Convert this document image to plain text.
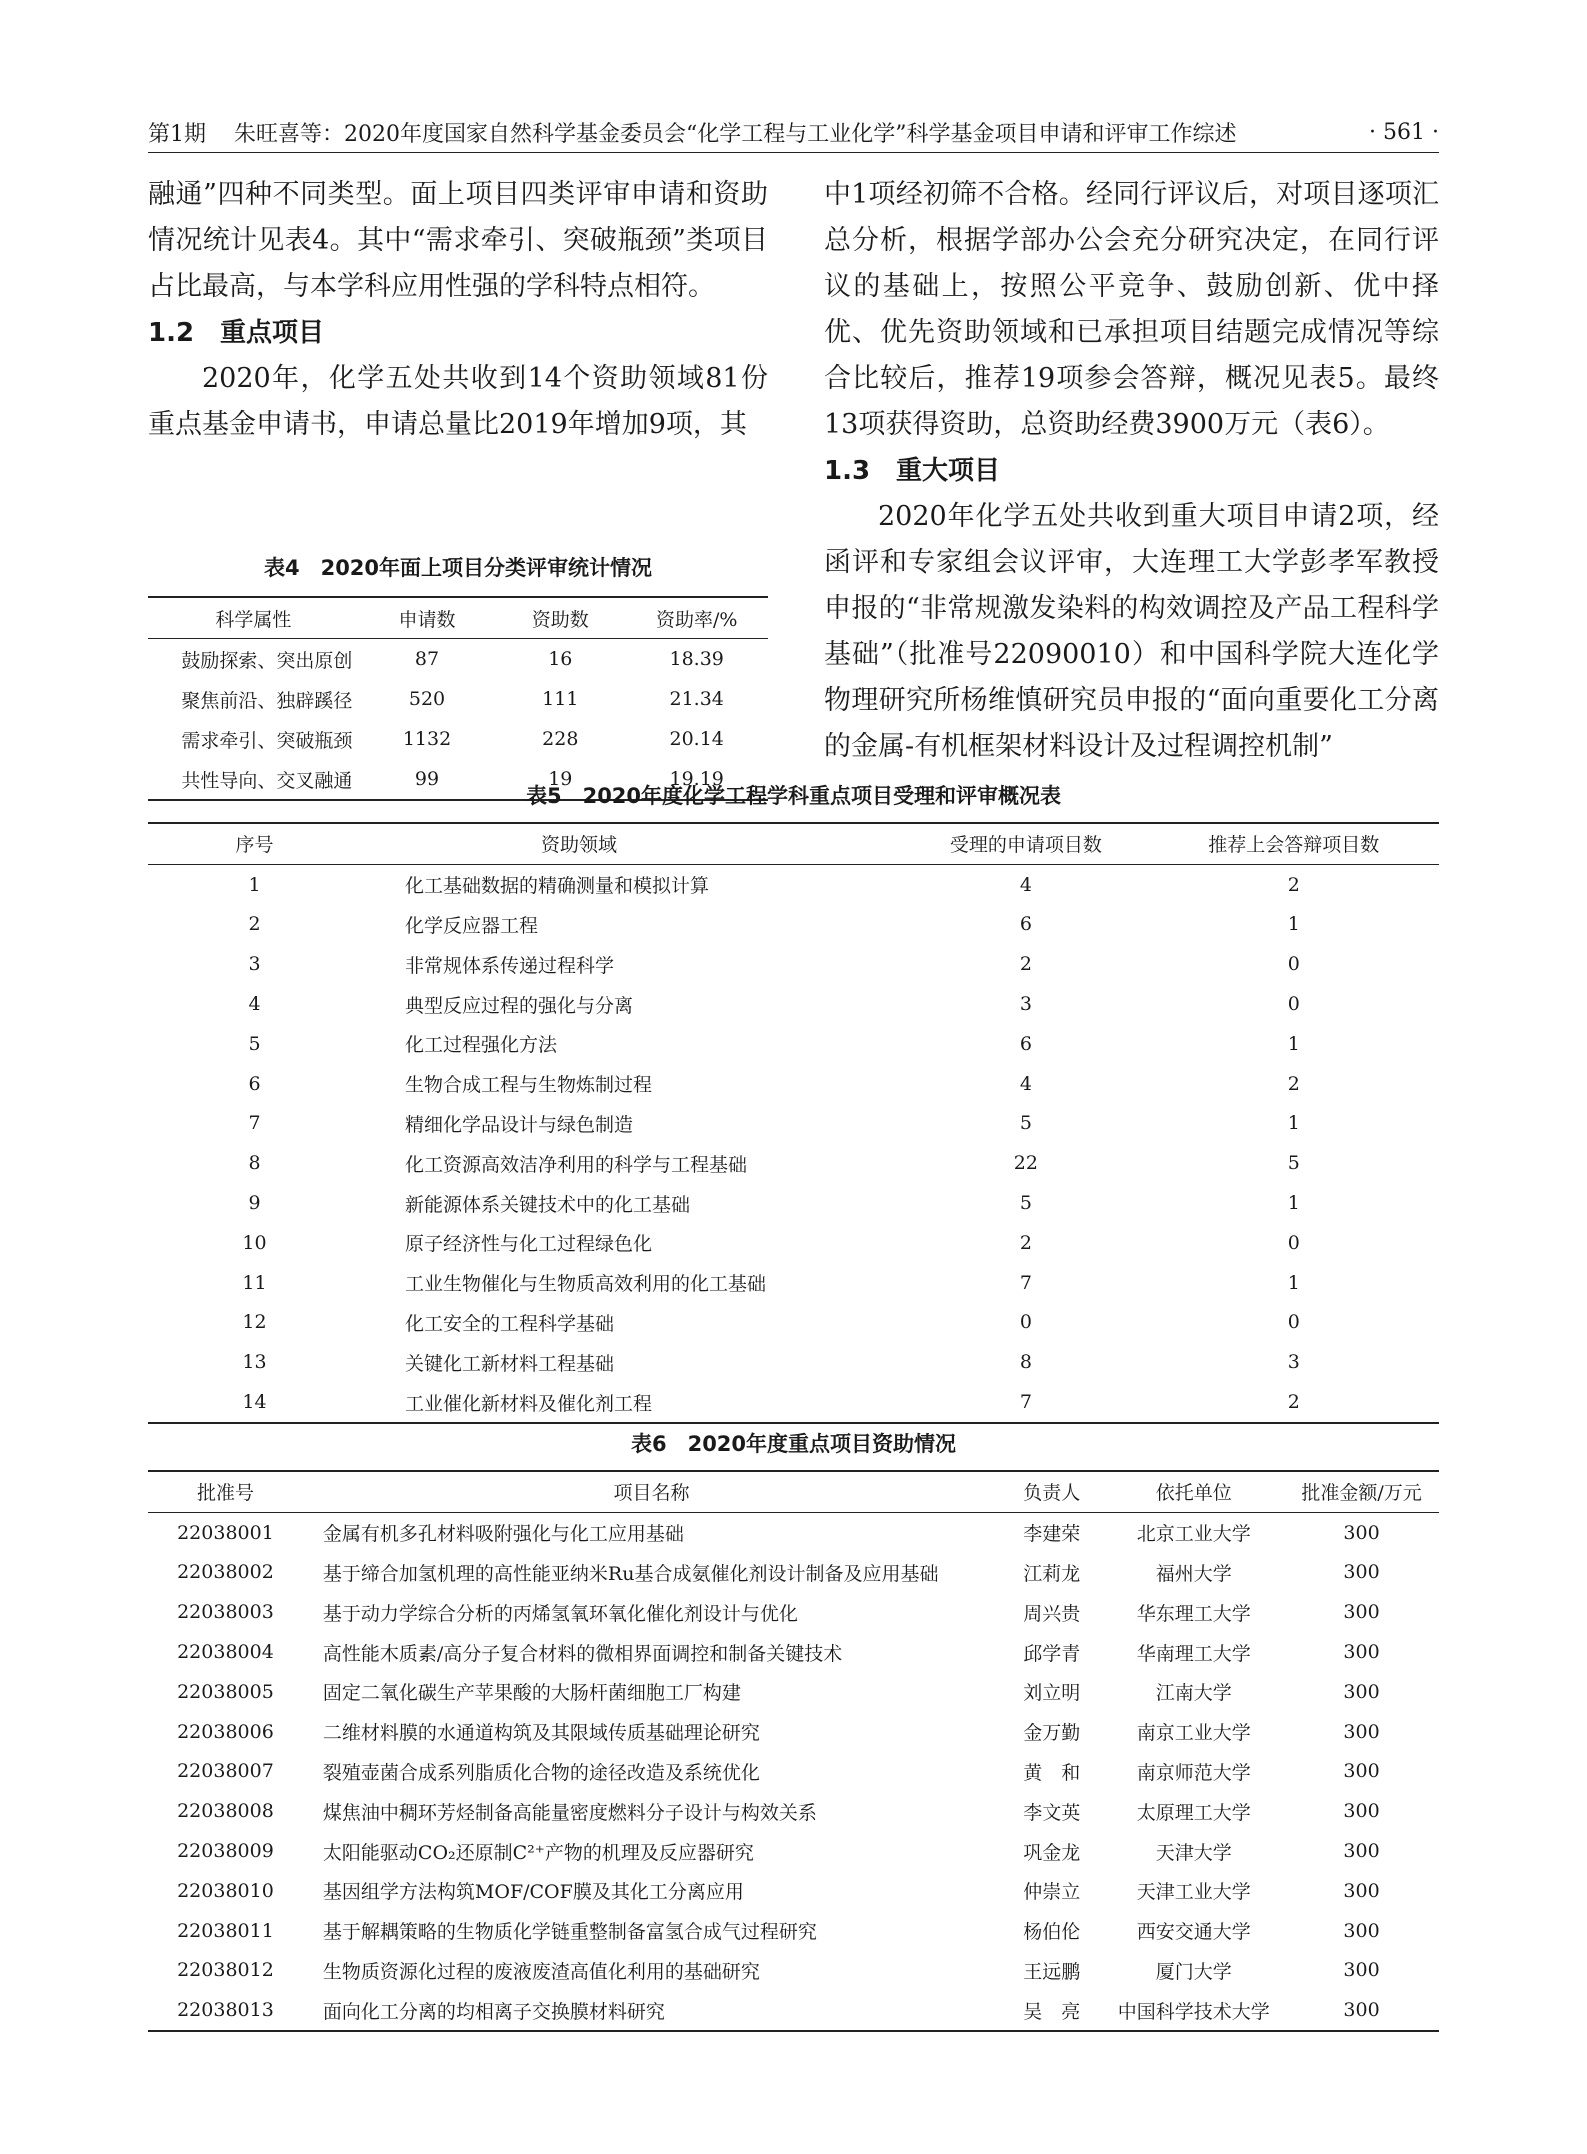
第1期 朱旺喜等：2020年度国家自然科学基金委员会“化学工程与工业化学”科学基金项目申请和评审工作综述	· 561 ·

融通”四种不同类型。面上项目四类评审申请和资助情况统计见表4。其中“需求牵引、突破瓶颈”类项目占比最高，与本学科应用性强的学科特点相符。

1.2　重点项目

2020年，化学五处共收到14个资助领域81份重点基金申请书，申请总量比2019年增加9项，其

中1项经初筛不合格。经同行评议后，对项目逐项汇总分析，根据学部办公会充分研究决定，在同行评议的基础上，按照公平竞争、鼓励创新、优中择优、优先资助领域和已承担项目结题完成情况等综合比较后，推荐19项参会答辩，概况见表5。最终13项获得资助，总资助经费3900万元（表6）。

1.3　重大项目

2020年化学五处共收到重大项目申请2项，经函评和专家组会议评审，大连理工大学彭孝军教授申报的“非常规激发染料的构效调控及产品工程科学基础”（批准号22090010）和中国科学院大连化学物理研究所杨维慎研究员申报的“面向重要化工分离的金属-有机框架材料设计及过程调控机制”

表4　2020年面上项目分类评审统计情况
科学属性	申请数	资助数	资助率/%
鼓励探索、突出原创	87	16	18.39
聚焦前沿、独辟蹊径	520	111	21.34
需求牵引、突破瓶颈	1132	228	20.14
共性导向、交叉融通	99	19	19.19
表5　2020年度化学工程学科重点项目受理和评审概况表
序号	资助领域	受理的申请项目数	推荐上会答辩项目数
1	化工基础数据的精确测量和模拟计算	4	2
2	化学反应器工程	6	1
3	非常规体系传递过程科学	2	0
4	典型反应过程的强化与分离	3	0
5	化工过程强化方法	6	1
6	生物合成工程与生物炼制过程	4	2
7	精细化学品设计与绿色制造	5	1
8	化工资源高效洁净利用的科学与工程基础	22	5
9	新能源体系关键技术中的化工基础	5	1
10	原子经济性与化工过程绿色化	2	0
11	工业生物催化与生物质高效利用的化工基础	7	1
12	化工安全的工程科学基础	0	0
13	关键化工新材料工程基础	8	3
14	工业催化新材料及催化剂工程	7	2
表6　2020年度重点项目资助情况
批准号	项目名称	负责人	依托单位	批准金额/万元
22038001	金属有机多孔材料吸附强化与化工应用基础	李建荣	北京工业大学	300
22038002	基于缔合加氢机理的高性能亚纳米Ru基合成氨催化剂设计制备及应用基础	江莉龙	福州大学	300
22038003	基于动力学综合分析的丙烯氢氧环氧化催化剂设计与优化	周兴贵	华东理工大学	300
22038004	高性能木质素/高分子复合材料的微相界面调控和制备关键技术	邱学青	华南理工大学	300
22038005	固定二氧化碳生产苹果酸的大肠杆菌细胞工厂构建	刘立明	江南大学	300
22038006	二维材料膜的水通道构筑及其限域传质基础理论研究	金万勤	南京工业大学	300
22038007	裂殖壶菌合成系列脂质化合物的途径改造及系统优化	黄　和	南京师范大学	300
22038008	煤焦油中稠环芳烃制备高能量密度燃料分子设计与构效关系	李文英	太原理工大学	300
22038009	太阳能驱动CO₂还原制C²⁺产物的机理及反应器研究	巩金龙	天津大学	300
22038010	基因组学方法构筑MOF/COF膜及其化工分离应用	仲崇立	天津工业大学	300
22038011	基于解耦策略的生物质化学链重整制备富氢合成气过程研究	杨伯伦	西安交通大学	300
22038012	生物质资源化过程的废液废渣高值化利用的基础研究	王远鹏	厦门大学	300
22038013	面向化工分离的均相离子交换膜材料研究	吴　亮	中国科学技术大学	300
